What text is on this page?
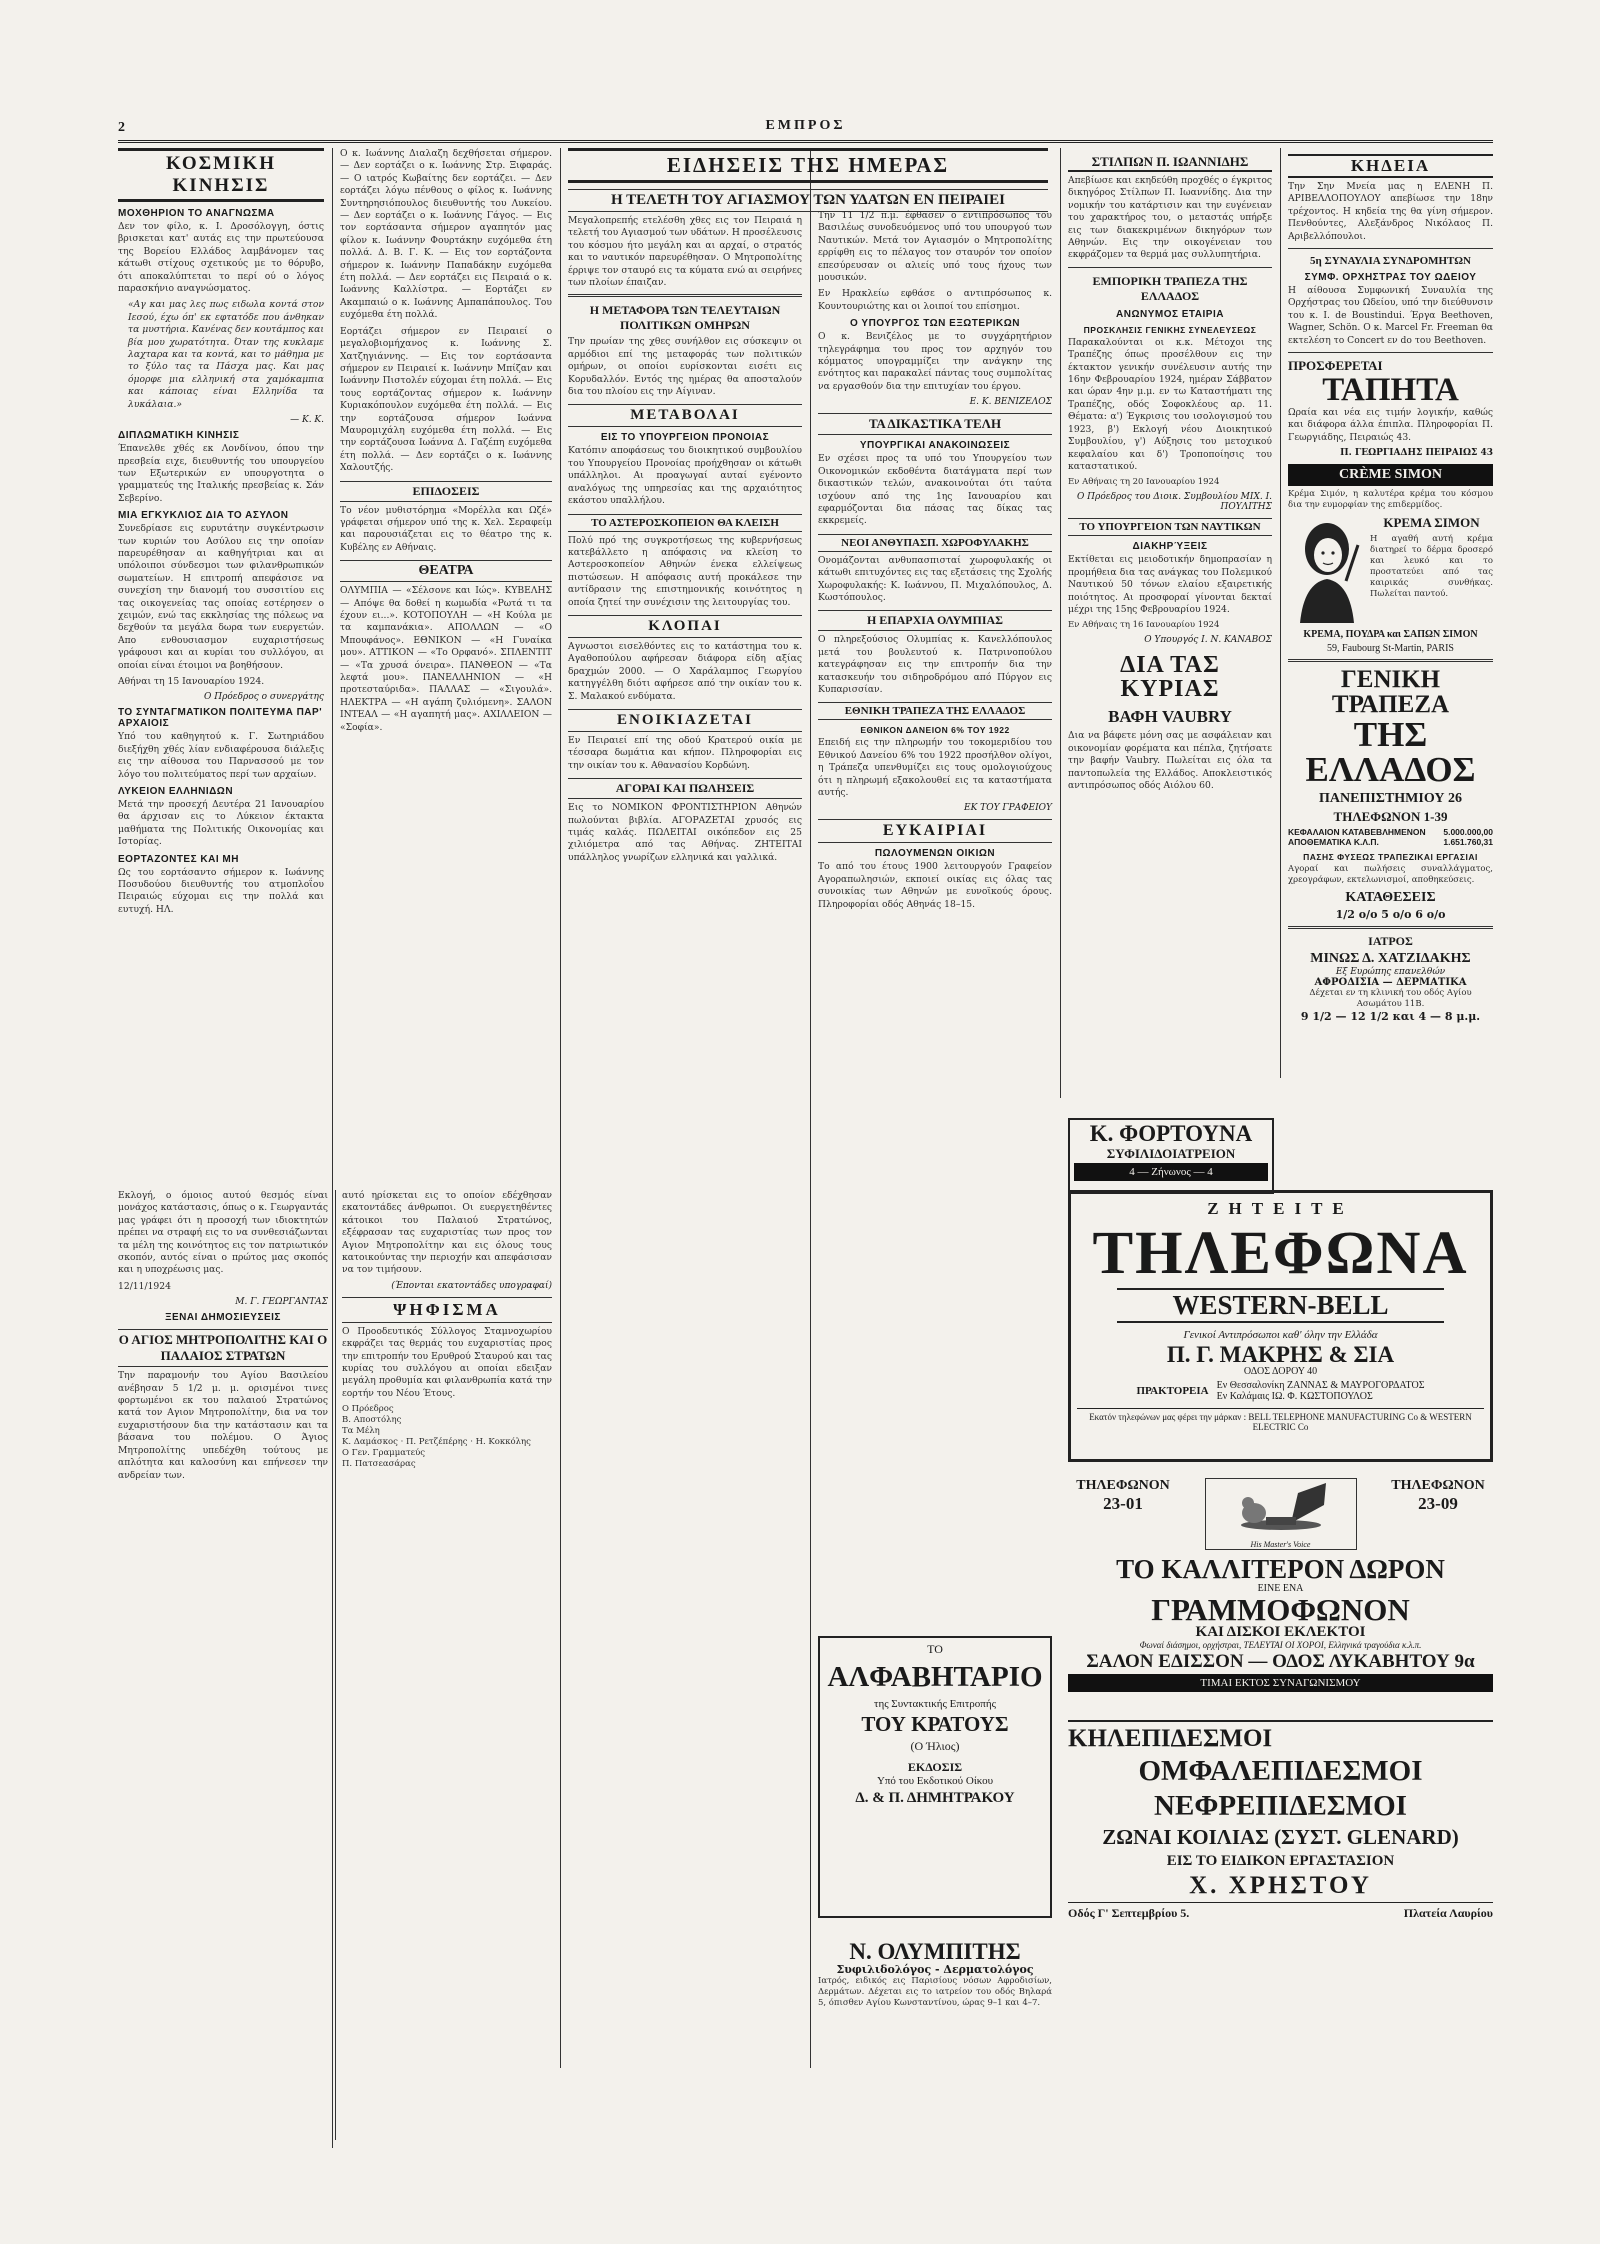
2	ΕΜΠΡΟΣ
ΚΟΣΜΙΚΗ ΚΙΝΗΣΙΣ
ΜΟΧΘΗΡΙΟΝ ΤΟ ΑΝΑΓΝΩΣΜΑ

Δεν τον φίλο, κ. Ι. Δροσόλογγη, όστις βρισκεται κατ' αυτάς εις την πρωτεύουσα της Βορείου Ελλάδος λαμβάνομεν τας κάτωθι στίχους σχετικούς με το θόρυβο, ότι αποκαλύπτεται το περί ού ο λόγος παρασκήνιο αναγνώσματος.

«Αγ και μας λες πως ειδωλα κοντά στον Ιεσού, έχω όπ' εκ εφτατόδε που άνθηκαν τα μυστήρια. Κανένας δεν κουτάμπος και βία μου χωρατότητα. Όταν της κυκλαμε λαχταρα και τα κοντά, και το μάθημα με το ξύλο τας τα Πάσχα μας. Και μας όμορφε μια ελληνική στα χαμόκαμπια και κάποιας είναι Ελληνίδα τα λυκάλαια.»

— Κ. Κ.

ΔΙΠΛΩΜΑΤΙΚΗ ΚΙΝΗΣΙΣ

Έπανελθε χθές εκ Λονδίνου, όπου την πρεσβεία ειχε, διευθυντής του υπουργείου των Εξωτερικών εν υπουργοτητα ο γραμματεύς της Ιταλικής πρεσβείας κ. Σάν Σεβερίνο.

ΜΙΑ ΕΓΚΥΚΛΙΟΣ ΔΙΑ ΤΟ ΑΣΥΛΟΝ

Συνεδρίασε εις ευρυτάτην συγκέντρωσιν των κυριών του Ασύλου εις την οποίαν παρευρέθησαν αι καθηγήτριαι και αι υπόλοιποι σύνδεσμοι των φιλανθρωπικών σωματείων. Η επιτροπή απεφάσισε να συνεχίση την διανομή του συσσιτίου εις τας οικογενείας τας οποίας εστέρησεν ο χειμών, ενώ τας εκκλησίας της πόλεως να δεχθούν τα μεγάλα δωρα των ευεργετών. Απο ενθουσιασμον ευχαριστήσεως γράφουσι και αι κυρίαι του συλλόγου, αι οποίαι είναι έτοιμοι να βοηθήσουν.

Αθήναι τη 15 Ιανουαρίου 1924.

Ο Πρόεδρος ο συνεργάτης

ΤΟ ΣΥΝΤΑΓΜΑΤΙΚΟΝ ΠΟΛΙΤΕΥΜΑ ΠΑΡ' ΑΡΧΑΙΟΙΣ

Υπό του καθηγητού κ. Γ. Σωτηριάδου διεξήχθη χθές λίαν ενδιαφέρουσα διάλεξις εις την αίθουσα του Παρνασσού με τον λόγο του πολιτεύματος περί των αρχαίων.

ΛΥΚΕΙΟΝ ΕΛΛΗΝΙΔΩΝ

Μετά την προσεχή Δευτέρα 21 Ιανουαρίου θα άρχισαν εις το Λύκειον έκτακτα μαθήματα της Πολιτικής Οικονομίας και Ιστορίας.

ΕΟΡΤΑΖΟΝΤΕΣ ΚΑΙ ΜΗ

Ως του εορτάσαντο σήμερον κ. Ιωάννης Ποσυδούου διευθυντής του ατμοπλοΐου Πειραιώς εύχομαι εις την πολλά και ευτυχή. ΗΛ.

Ο κ. Ιωάννης Διαλαζη δεχθήσεται σήμερον. — Δεν εορτάζει ο κ. Ιωάννης Στρ. Ξιφαράς. — Ο ιατρός Κωβαίτης δεν εορτάζει. — Δεν εορτάζει λόγω πένθους ο φίλος κ. Ιωάννης Συντηρησιόπουλος διευθυντής του Λυκείου. — Δεν εορτάζει ο κ. Ιωάννης Γάγος. — Εις τον εορτάσαντα σήμερον αγαπητόν μας φίλον κ. Ιωάννην Φουρτάκην ευχόμεθα έτη πολλά. Δ. Β. Γ. Κ. — Εις τον εορτάζοντα σήμερον κ. Ιωάννην Παπαδάκην ευχόμεθα έτη πολλά. — Δεν εορτάζει εις Πειραιά ο κ. Ιωάννης Καλλίστρα. — Εορτάζει εν Ακαμπαιώ ο κ. Ιωάννης Αμπαπάπουλος. Του ευχόμεθα έτη πολλά.

Εορτάζει σήμερον εν Πειραιεί ο μεγαλοβιομήχανος κ. Ιωάννης Σ. Χατζηγιάννης. — Εις τον εορτάσαντα σήμερον εν Πειραιεί κ. Ιωάννην Μπίζαν και Ιωάννην Πιστολέν εύχομαι έτη πολλά. — Εις τους εορτάζοντας σήμερον κ. Ιωάννην Κυριακόπουλον ευχόμεθα έτη πολλά. — Εις την εορτάζουσα σήμερον Ιωάννα Μαυρομιχάλη ευχόμεθα έτη πολλά. — Εις την εορτάζουσα Ιωάννα Δ. Γαζέπη ευχόμεθα έτη πολλά. — Δεν εορτάζει ο κ. Ιωάννης Χαλουτζής.

ΕΠΙΔΟΣΕΙΣ

Το νέον μυθιστόρημα «Μορέλλα και Ωζέ» γράφεται σήμερον υπό της κ. Χελ. Σεραφείμ και παρουσιάζεται εις το θέατρο της κ. Κυβέλης εν Αθήναις.

ΘΕΑΤΡΑ

ΟΛΥΜΠΙΑ — «Σέλσονε και Ιώς». ΚΥΒΕΛΗΣ — Απόψε θα δοθεί η κωμωδία «Ρωτά τι τα έχουν ει...». ΚΟΤΟΠΟΥΛΗ — «Η Κούλα με τα καμπανάκια». ΑΠΟΛΛΩΝ — «Ο Μπουφάνος». ΕΘΝΙΚΟΝ — «Η Γυναίκα μου». ΑΤΤΙΚΟΝ — «Το Ορφανό». ΣΠΛΕΝΤΙΤ — «Τα χρυσά όνειρα». ΠΑΝΘΕΟΝ — «Τα λεφτά μου». ΠΑΝΕΛΛΗΝΙΟΝ — «Η προτεσταύριδα». ΠΑΛΛΑΣ — «Σιγουλά». ΗΛΕΚΤΡΑ — «Η αγάπη ζυλιόμενη». ΣΑΛΟΝ ΙΝΤΕΑΛ — «Η αγαπητή μας». ΑΧΙΛΛΕΙΟΝ — «Σοφία».

Εκλογή, ο όμοιος αυτού θεσμός είναι μονάχος κατάστασις, όπως ο κ. Γεωργαντάς μας γράφει ότι η προσοχή των ιδιοκτητών πρέπει να στραφή εις το να συνθεσιάζωνται τα μέλη της κοινότητος εις τον πατριωτικόν σκοπόν, αυτός είναι ο πρώτος μας σκοπός και η υποχρέωσις μας.

12/11/1924

Μ. Γ. ΓΕΩΡΓΑΝΤΑΣ

ΞΕΝΑΙ ΔΗΜΟΣΙΕΥΣΕΙΣ
Ο ΑΓΙΟΣ ΜΗΤΡΟΠΟΛΙΤΗΣ ΚΑΙ Ο ΠΑΛΑΙΟΣ ΣΤΡΑΤΩΝ

Την παραμονήν του Αγίου Βασιλείου ανέβησαν 5 1/2 μ. μ. ορισμένοι τινες φορτωμένοι εκ του παλαιού Στρατώνος κατά τον Αγιον Μητροπολίτην, δια να τον ευχαριστήσουν δια την κατάστασιν και τα βάσανα του πολέμου. Ο Άγιος Μητροπολίτης υπεδέχθη τούτους με απλότητα και καλοσύνη και επήνεσεν την ανδρείαν των.

αυτό ηρίσκεται εις το οποίον εδέχθησαν εκατοντάδες άνθρωποι. Οι ευεργετηθέντες κάτοικοι του Παλαιού Στρατώνος, εξέφρασαν τας ευχαριστίας των προς τον Αγιον Μητροπολίτην και εις όλους τους κατοικούντας την περιοχήν και απεφάσισαν να τον τιμήσουν.

(Έπονται εκατοντάδες υπογραφαί)

ΨΗΦΙΣΜΑ

Ο Προοδευτικός Σύλλογος Σταμνοχωρίου εκφράζει τας θερμάς του ευχαριστίας προς την επιτροπήν του Ερυθρού Σταυρού και τας κυρίας του συλλόγου αι οποίαι εδειξαν μεγάλη προθυμία και φιλανθρωπία κατά την εορτήν του Νέου Έτους.

Ο Πρόεδρος
Β. Αποστόλης
Τα Μέλη
Κ. Δαμάσκος · Π. Ρετζέπέρης · Η. Κοκκόλης
Ο Γεν. Γραμματεύς
Π. Πατσεασάρας
ΕΙΔΗΣΕΙΣ ΤΗΣ ΗΜΕΡΑΣ
Η ΤΕΛΕΤΗ ΤΟΥ ΑΓΙΑΣΜΟΥ ΤΩΝ ΥΔΑΤΩΝ ΕΝ ΠΕΙΡΑΙΕΙ

Μεγαλοπρεπής ετελέσθη χθες εις τον Πειραιά η τελετή του Αγιασμού των υδάτων. Η προσέλευσις του κόσμου ήτο μεγάλη και αι αρχαί, ο στρατός και το ναυτικόν παρευρέθησαν. Ο Μητροπολίτης έρριψε τον σταυρό εις τα κύματα ενώ αι σειρήνες των πλοίων έπαιζαν.

Η ΜΕΤΑΦΟΡΑ ΤΩΝ ΤΕΛΕΥΤΑΙΩΝ ΠΟΛΙΤΙΚΩΝ ΟΜΗΡΩΝ

Την πρωίαν της χθες συνήλθον εις σύσκεψιν οι αρμόδιοι επί της μεταφοράς των πολιτικών ομήρων, οι οποίοι ευρίσκονται εισέτι εις Κορυδαλλόν. Εντός της ημέρας θα αποσταλούν δια του πλοίου εις την Αίγιναν.

ΜΕΤΑΒΟΛΑΙ
ΕΙΣ ΤΟ ΥΠΟΥΡΓΕΙΟΝ ΠΡΟΝΟΙΑΣ

Κατόπιν αποφάσεως του διοικητικού συμβουλίου του Υπουργείου Προνοίας προήχθησαν οι κάτωθι υπάλληλοι. Αι προαγωγαί αυταί εγένοντο αναλόγως της υπηρεσίας και της αρχαιότητος εκάστου υπαλλήλου.

ΤΟ ΑΣΤΕΡΟΣΚΟΠΕΙΟΝ ΘΑ ΚΛΕΙΣΗ

Πολύ πρό της συγκροτήσεως της κυβερνήσεως κατεβάλλετο η απόφασις να κλείση το Αστεροσκοπείον Αθηνών ένεκα ελλείψεως πιστώσεων. Η απόφασις αυτή προκάλεσε την αντίδρασιν της επιστημονικής κοινότητος η οποία ζητεί την συνέχισιν της λειτουργίας του.

ΚΛΟΠΑΙ

Αγνωστοι εισελθόντες εις το κατάστημα του κ. Αγαθοπούλου αφήρεσαν διάφορα είδη αξίας δραχμών 2000. — Ο Χαράλαμπος Γεωργίου κατηγγέλθη διότι αφήρεσε από την οικίαν του κ. Σ. Μαλακού ενδύματα.

ΕΝΟΙΚΙΑΖΕΤΑΙ

Εν Πειραιεί επί της οδού Κρατερού οικία με τέσσαρα δωμάτια και κήπον. Πληροφορίαι εις την οικίαν του κ. Αθανασίου Κορδώνη.

ΑΓΟΡΑΙ ΚΑΙ ΠΩΛΗΣΕΙΣ

Εις το ΝΟΜΙΚΟΝ ΦΡΟΝΤΙΣΤΗΡΙΟΝ Αθηνών πωλούνται βιβλία. ΑΓΟΡΑΖΕΤΑΙ χρυσός εις τιμάς καλάς. ΠΩΛΕΙΤΑΙ οικόπεδον εις 25 χιλιόμετρα από τας Αθήνας. ΖΗΤΕΙΤΑΙ υπάλληλος γνωρίζων ελληνικά και γαλλικά.

Την 11 1/2 π.μ. έφθασεν ο εντιπρόσωπος του Βασιλέως συνοδευόμενος υπό του υπουργού των Ναυτικών. Μετά τον Αγιασμόν ο Μητροπολίτης ερρίφθη εις το πέλαγος τον σταυρόν τον οποίον επεσύρευσαν οι αλιείς υπό τους ήχους των μουσικών.

Εν Ηρακλείω εφθάσε ο αντιπρόσωπος κ. Κουντουριώτης και οι λοιποί του επίσημοι.

Ο ΥΠΟΥΡΓΟΣ ΤΩΝ ΕΞΩΤΕΡΙΚΩΝ

Ο κ. Βενιζέλος με το συγχάρητήριον τηλεγράφημα του προς τον αρχηγόν του κόμματος υπογραμμίζει την ανάγκην της ενότητος και παρακαλεί πάντας τους συμπολίτας να εργασθούν δια την επιτυχίαν του έργου.

Ε. Κ. ΒΕΝΙΖΕΛΟΣ

ΤΑ ΔΙΚΑΣΤΙΚΑ ΤΕΛΗ
ΥΠΟΥΡΓΙΚΑΙ ΑΝΑΚΟΙΝΩΣΕΙΣ

Εν σχέσει προς τα υπό του Υπουργείου των Οικονομικών εκδοθέντα διατάγματα περί των δικαστικών τελών, ανακοινούται ότι ταύτα ισχύουν από της 1ης Ιανουαρίου και εφαρμόζονται δια πάσας τας δίκας τας εκκρεμείς.

ΝΕΟΙ ΑΝΘΥΠΑΣΠ. ΧΩΡΟΦΥΛΑΚΗΣ

Ονομάζονται ανθυπασπισταί χωροφυλακής οι κάτωθι επιτυχόντες εις τας εξετάσεις της Σχολής Χωροφυλακής: Κ. Ιωάννου, Π. Μιχαλόπουλος, Δ. Κωστόπουλος.

Η ΕΠΑΡΧΙΑ ΟΛΥΜΠΙΑΣ

Ο πληρεξούσιος Ολυμπίας κ. Κανελλόπουλος μετά του βουλευτού κ. Πατρινοπούλου κατεγράφησαν εις την επιτροπήν δια την κατασκευήν του σιδηροδρόμου από Πύργον εις Κυπαρισσίαν.

ΕΘΝΙΚΗ ΤΡΑΠΕΖΑ ΤΗΣ ΕΛΛΑΔΟΣ
ΕΘΝΙΚΟΝ ΔΑΝΕΙΟΝ 6% ΤΟΥ 1922

Επειδή εις την πληρωμήν του τοκομεριδίου του Εθνικού Δανείου 6% του 1922 προσήλθον ολίγοι, η Τράπεζα υπενθυμίζει εις τους ομολογιούχους ότι η πληρωμή εξακολουθεί εις τα καταστήματα αυτής.

ΕΚ ΤΟΥ ΓΡΑΦΕΙΟΥ

ΕΥΚΑΙΡΙΑΙ
ΠΩΛΟΥΜΕΝΩΝ ΟΙΚΙΩΝ

Το από του έτους 1900 λειτουργούν Γραφείον Αγοραπωλησιών, εκποιεί οικίας εις όλας τας συνοικίας των Αθηνών με ευνοϊκούς όρους. Πληροφορίαι οδός Αθηνάς 18–15.

ΤΟ
ΑΛΦΑΒΗΤΑΡΙΟ
της Συντακτικής Επιτροπής
ΤΟΥ ΚΡΑΤΟΥΣ
(Ο Ήλιος)
ΕΚΔΟΣΙΣ
Υπό του Εκδοτικού Οίκου
Δ. & Π. ΔΗΜΗΤΡΑΚΟΥ
Ν. ΟΛΥΜΠΙΤΗΣ
Συφιλιδολόγος - Δερματολόγος

Ιατρός, ειδικός εις Παρισίους νόσων Αφροδισίων, Δερμάτων. Δέχεται εις το ιατρείον του οδός Βηλαρά 5, όπισθεν Αγίου Κωνσταντίνου, ώρας 9–1 και 4–7.

ΣΤΙΛΠΩΝ Π. ΙΩΑΝΝΙΔΗΣ

Απεβίωσε και εκηδεύθη προχθές ο έγκριτος δικηγόρος Στίλπων Π. Ιωαννίδης. Δια την νομικήν του κατάρτισιν και την ευγένειαν του χαρακτήρος του, ο μεταστάς υπήρξε εις των διακεκριμένων δικηγόρων των Αθηνών. Εις την οικογένειαν του εκφράζομεν τα θερμά μας συλλυπητήρια.

ΕΜΠΟΡΙΚΗ ΤΡΑΠΕΖΑ ΤΗΣ ΕΛΛΑΔΟΣ
ΑΝΩΝΥΜΟΣ ΕΤΑΙΡΙΑ
ΠΡΟΣΚΛΗΣΙΣ ΓΕΝΙΚΗΣ ΣΥΝΕΛΕΥΣΕΩΣ

Παρακαλούνται οι κ.κ. Μέτοχοι της Τραπέζης όπως προσέλθουν εις την έκτακτον γενικήν συνέλευσιν αυτής την 16ην Φεβρουαρίου 1924, ημέραν Σάββατον και ώραν 4ην μ.μ. εν τω Καταστήματι της Τραπέζης, οδός Σοφοκλέους αρ. 11. Θέματα: α') Έγκρισις του ισολογισμού του 1923, β') Εκλογή νέου Διοικητικού Συμβουλίου, γ') Αύξησις του μετοχικού κεφαλαίου και δ') Τροποποίησις του καταστατικού.

Εν Αθήναις τη 20 Ιανουαρίου 1924

Ο Πρόεδρος του Διοικ. Συμβουλίου ΜΙΧ. Ι. ΠΟΥΛΙΤΗΣ

ΤΟ ΥΠΟΥΡΓΕΙΟΝ ΤΩΝ ΝΑΥΤΙΚΩΝ
ΔΙΑΚΗΡΎΞΕΙΣ

Εκτίθεται εις μειοδοτικήν δημοπρασίαν η προμήθεια δια τας ανάγκας του Πολεμικού Ναυτικού 50 τόνων ελαίου εξαιρετικής ποιότητος. Αι προσφοραί γίνονται δεκταί μέχρι της 15ης Φεβρουαρίου 1924.

Εν Αθήναις τη 16 Ιανουαρίου 1924

Ο Υπουργός Ι. Ν. ΚΑΝΑΒΟΣ

ΔΙΑ ΤΑΣ ΚΥΡΙΑΣ
ΒΑΦΗ VAUBRY

Δια να βάφετε μόνη σας με ασφάλειαν και οικονομίαν φορέματα και πέπλα, ζητήσατε την βαφήν Vaubry. Πωλείται εις όλα τα παντοπωλεία της Ελλάδος. Αποκλειστικός αντιπρόσωπος οδός Αιόλου 60.

Κ. ΦΟΡΤΟΥΝΑ
ΣΥΦΙΛΙΔΟΙΑΤΡΕΙΟΝ
4 — Ζήνωνος — 4
ΚΗΔΕΙΑ

Την Σην Μνεία μας η ΕΛΕΝΗ Π. ΑΡΙΒΕΛΛΟΠΟΥΛΟΥ απεβίωσε την 18ην τρέχοντος. Η κηδεία της θα γίνη σήμερον. Πενθούντες, Αλεξάνδρος Νικόλαος Π. Αριβελλόπουλοι.

5η ΣΥΝΑΥΛΙΑ ΣΥΝΔΡΟΜΗΤΩΝ
ΣΥΜΦ. ΟΡΧΗΣΤΡΑΣ ΤΟΥ ΩΔΕΙΟΥ

Η αίθουσα Συμφωνική Συναυλία της Ορχήστρας του Ωδείου, υπό την διεύθυνσιν του κ. Ι. de Boustindui. Έργα Beethoven, Wagner, Schön. Ο κ. Marcel Fr. Freeman θα εκτελέση το Concert εν do του Beethoven.

ΠΡΟΣΦΕΡΕΤΑΙ
ΤΑΠΗΤΑ

Ωραία και νέα εις τιμήν λογικήν, καθώς και διάφορα άλλα έπιπλα. Πληροφορίαι Π. Γεωργιάδης, Πειραιώς 43.

Π. ΓΕΩΡΓΙΑΔΗΣ ΠΕΙΡΑΙΩΣ 43

CRÈME SIMON

Κρέμα Σιμόν, η καλυτέρα κρέμα του κόσμου δια την ευμορφίαν της επιδερμίδος.

ΚΡΕΜΑ ΣΙΜΟΝ

Η αγαθή αυτή κρέμα διατηρεί το δέρμα δροσερό και λευκό και το προστατεύει από τας καιρικάς συνθήκας. Πωλείται παντού.

ΚΡΕΜΑ, ΠΟΥΔΡΑ και ΣΑΠΩΝ ΣΙΜΟΝ
59, Faubourg St-Martin, PARIS
ΓΕΝΙΚΗ ΤΡΑΠΕΖΑ
ΤΗΣ ΕΛΛΑΔΟΣ
ΠΑΝΕΠΙΣΤΗΜΙΟΥ 26
ΤΗΛΕΦΩΝΟΝ 1-39
ΚΕΦΑΛΑΙΟΝ ΚΑΤΑΒΕΒΛΗΜΕΝΟΝ 5.000.000,00
ΑΠΟΘΕΜΑΤΙΚΑ Κ.Λ.Π.	1.651.760,31
ΠΑΣΗΣ ΦΥΣΕΩΣ ΤΡΑΠΕΖΙΚΑΙ ΕΡΓΑΣΙΑΙ

Αγοραί και πωλήσεις συναλλάγματος, χρεογράφων, εκτελωνισμοί, αποθηκεύσεις.

ΚΑΤΑΘΕΣΕΙΣ
1/2 ο/ο 5 ο/ο 6 ο/ο
ΙΑΤΡΟΣ
ΜΙΝΩΣ Δ. ΧΑΤΖΙΔΑΚΗΣ
Εξ Ευρώπης επανελθών
ΑΦΡΟΔΙΣΙΑ — ΔΕΡΜΑΤΙΚΑ

Δέχεται εν τη κλινική του οδός Αγίου Ασωμάτου 11Β.

9 1/2 — 12 1/2 και 4 — 8 μ.μ.
ΖΗΤΕΙΤΕ
ΤΗΛΕΦΩΝΑ
WESTERN-BELL
Γενικοί Αντιπρόσωποι καθ' όλην την Ελλάδα
Π. Γ. ΜΑΚΡΗΣ & ΣΙΑ
ΟΔΟΣ ΔΟΡΟΥ 40
ΠΡΑΚΤΟΡΕΙΑ Εν Θεσσαλονίκη ΖΑΝΝΑΣ & ΜΑΥΡΟΓΟΡΔΑΤΟΣ
Εν Καλάμαις ΙΩ. Φ. ΚΩΣΤΟΠΟΥΛΟΣ
Εκατόν τηλεφώνων μας φέρει την μάρκαν : BELL TELEPHONE MANUFACTURING Co & WESTERN ELECTRIC Co
ΤΗΛΕΦΩΝΟΝ
23-01
His Master's Voice
ΤΗΛΕΦΩΝΟΝ
23-09
ΤΟ ΚΑΛΛΙΤΕΡΟΝ ΔΩΡΟΝ
ΕΙΝΕ ΕΝΑ
ΓΡΑΜΜΟΦΩΝΟΝ
ΚΑΙ ΔΙΣΚΟΙ ΕΚΛΕΚΤΟΙ
Φωναί διάσημοι, ορχήστραι, ΤΕΛΕΥΤΑΙ ΟΙ ΧΟΡΟΙ, Ελληνικά τραγούδια κ.λ.π.
ΣΑΛΟΝ ΕΔΙΣΣΟΝ — ΟΔΟΣ ΛΥΚΑΒΗΤΟΥ 9α
ΤΙΜΑΙ ΕΚΤΟΣ ΣΥΝΑΓΩΝΙΣΜΟΥ
ΚΗΛΕΠΙΔΕΣΜΟΙ
ΟΜΦΑΛΕΠΙΔΕΣΜΟΙ
ΝΕΦΡΕΠΙΔΕΣΜΟΙ
ΖΩΝΑΙ ΚΟΙΛΙΑΣ (ΣΥΣΤ. GLENARD)
ΕΙΣ ΤΟ ΕΙΔΙΚΟΝ ΕΡΓΑΣΤΑΣΙΟΝ
Χ. ΧΡΗΣΤΟΥ
Οδός Γ' Σεπτεμβρίου 5.	Πλατεία Λαυρίου
